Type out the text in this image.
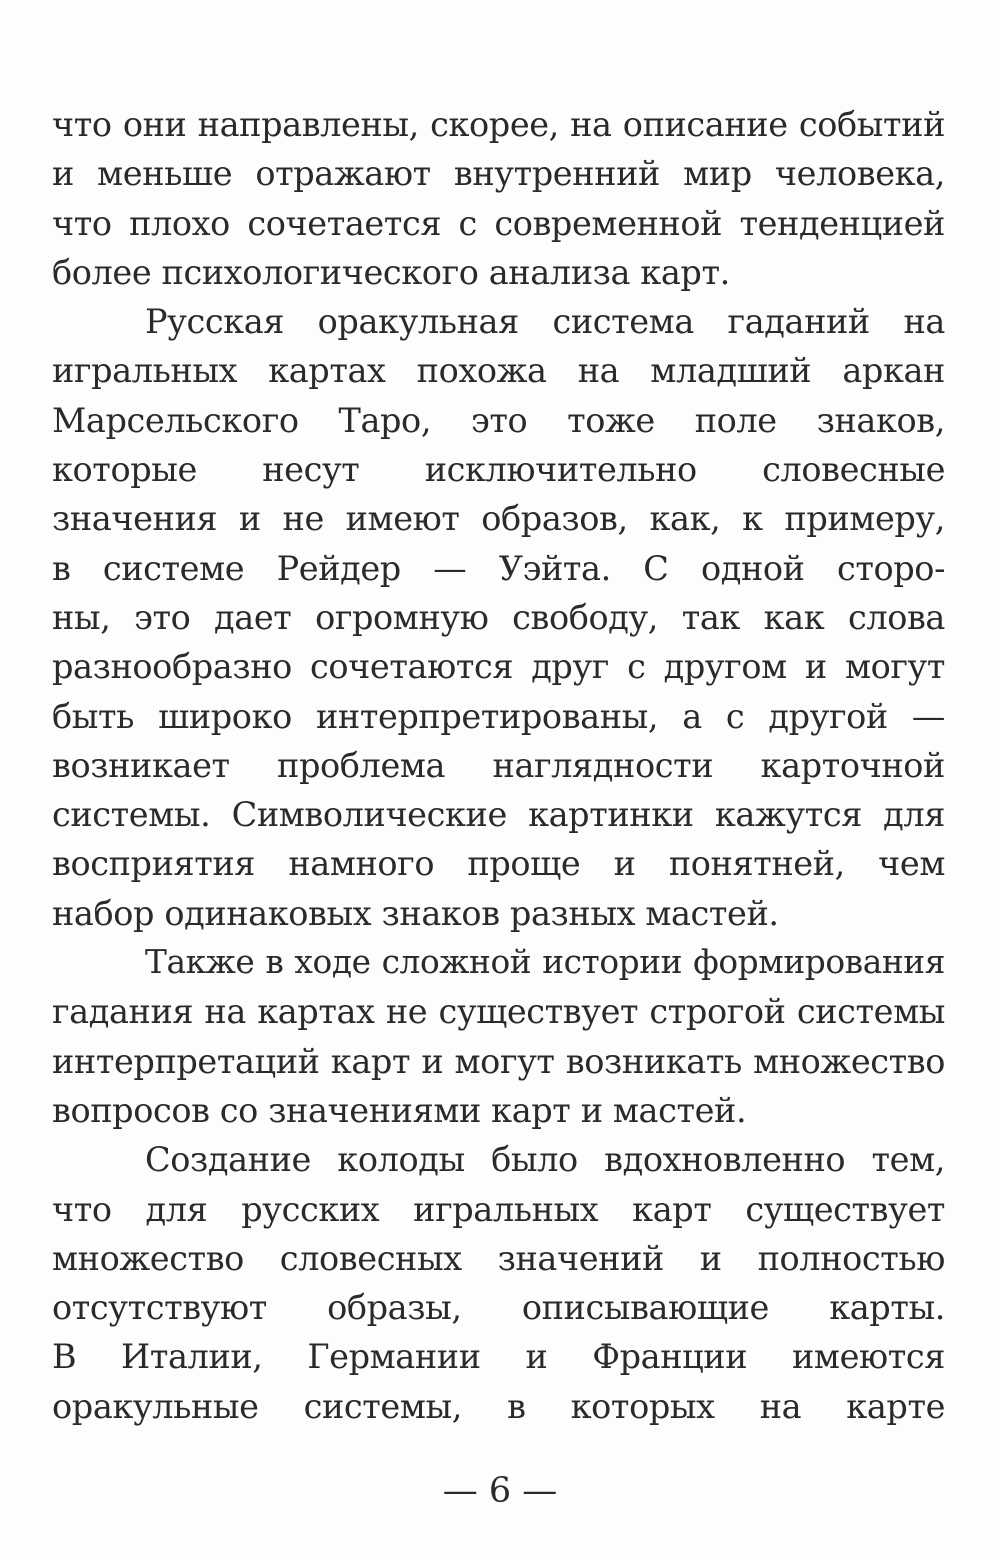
что они направлены, скорее, на описание событий
и меньше отражают внутренний мир человека,
что плохо сочетается с современной тенденцией
более психологического анализа карт.

Русская оракульная система гаданий на
игральных картах похожа на младший аркан
Марсельского Таро, это тоже поле знаков,
которые несут исключительно словесные
значения и не имеют образов, как, к примеру,
в системе Рейдер — Уэйта. С одной сторо-
ны, это дает огромную свободу, так как слова
разнообразно сочетаются друг с другом и могут
быть широко интерпретированы, а с другой —
возникает проблема наглядности карточной
системы. Символические картинки кажутся для
восприятия намного проще и понятней, чем
набор одинаковых знаков разных мастей.

Также в ходе сложной истории формирования
гадания на картах не существует строгой системы
интерпретаций карт и могут возникать множество
вопросов со значениями карт и мастей.

Создание колоды было вдохновленно тем,
что для русских игральных карт существует
множество словесных значений и полностью
отсутствуют образы, описывающие карты.
В Италии, Германии и Франции имеются
оракульные системы, в которых на карте

— 6 —
